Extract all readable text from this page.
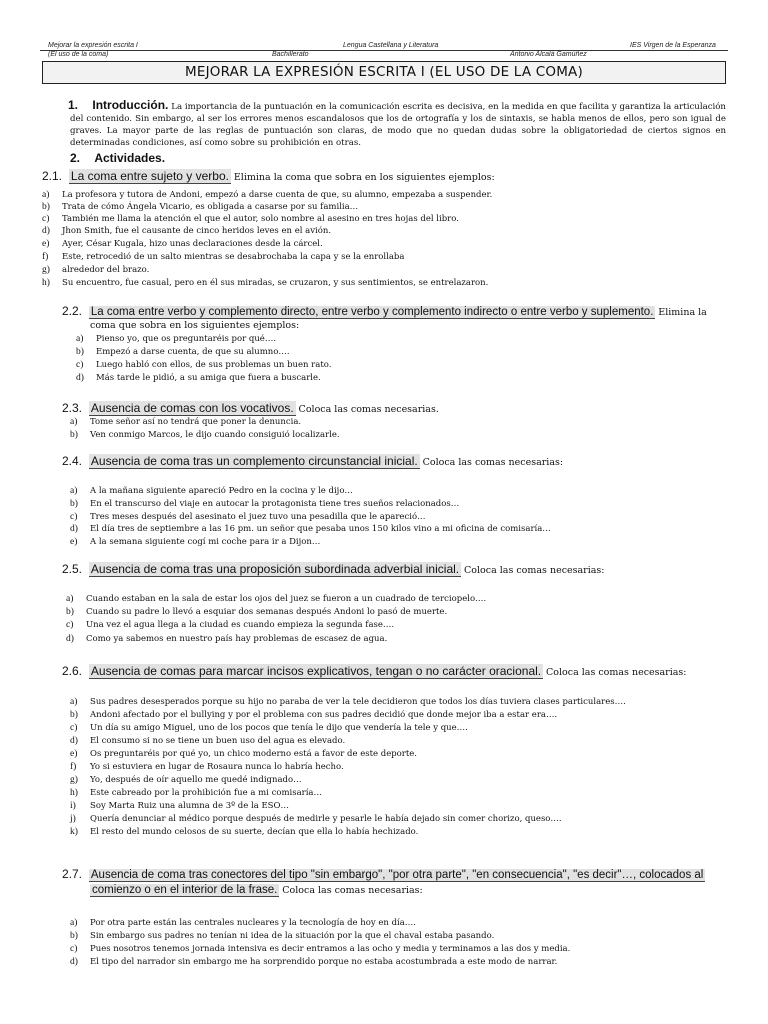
Mejorar la expresión escrita I
(El uso de la coma)
Lengua Castellana y Literatura
Bachillerato
IES Virgen de la Esperanza
Antonio Alcalá Gamúñez
MEJORAR LA EXPRESIÓN ESCRITA I (EL USO DE LA COMA)
1. Introducción. La importancia de la puntuación en la comunicación escrita es decisiva, en la medida en que facilita y garantiza la articulación del contenido. Sin embargo, al ser los errores menos escandalosos que los de ortografía y los de sintaxis, se habla menos de ellos, pero son igual de graves. La mayor parte de las reglas de puntuación son claras, de modo que no quedan dudas sobre la obligatoriedad de ciertos signos en determinadas condiciones, así como sobre su prohibición en otras.
2. Actividades.
2.1. La coma entre sujeto y verbo. Elimina la coma que sobra en los siguientes ejemplos:
a) La profesora y tutora de Andoni, empezó a darse cuenta de que, su alumno, empezaba a suspender.
b) Trata de cómo Ángela Vicario, es obligada a casarse por su familia…
c) También me llama la atención el que el autor, solo nombre al asesino en tres hojas del libro.
d) Jhon Smith, fue el causante de cinco heridos leves en el avión.
e) Ayer, César Kugala, hizo unas declaraciones desde la cárcel.
f) Este, retrocedió de un salto mientras se desabrochaba la capa y se la enrollaba
g) alrededor del brazo.
h) Su encuentro, fue casual, pero en él sus miradas, se cruzaron, y sus sentimientos, se entrelazaron.
2.2. La coma entre verbo y complemento directo, entre verbo y complemento indirecto o entre verbo y suplemento. Elimina la
coma que sobra en los siguientes ejemplos:
a) Pienso yo, que os preguntaréis por qué….
b) Empezó a darse cuenta, de que su alumno….
c) Luego habló con ellos, de sus problemas un buen rato.
d) Más tarde le pidió, a su amiga que fuera a buscarle.
2.3. Ausencia de comas con los vocativos. Coloca las comas necesarias.
a) Tome señor así no tendrá que poner la denuncia.
b) Ven conmigo Marcos, le dijo cuando consiguió localizarle.
2.4. Ausencia de coma tras un complemento circunstancial inicial. Coloca las comas necesarias:
a) A la mañana siguiente apareció Pedro en la cocina y le dijo…
b) En el transcurso del viaje en autocar la protagonista tiene tres sueños relacionados…
c) Tres meses después del asesinato el juez tuvo una pesadilla que le apareció…
d) El día tres de septiembre a las 16 pm. un señor que pesaba unos 150 kilos vino a mi oficina de comisaría…
e) A la semana siguiente cogí mi coche para ir a Dijon…
2.5. Ausencia de coma tras una proposición subordinada adverbial inicial. Coloca las comas necesarias:
a) Cuando estaban en la sala de estar los ojos del juez se fueron a un cuadrado de terciopelo….
b) Cuando su padre lo llevó a esquiar dos semanas después Andoni lo pasó de muerte.
c) Una vez el agua llega a la ciudad es cuando empieza la segunda fase….
d) Como ya sabemos en nuestro país hay problemas de escasez de agua.
2.6. Ausencia de comas para marcar incisos explicativos, tengan o no carácter oracional. Coloca las comas necesarias:
a) Sus padres desesperados porque su hijo no paraba de ver la tele decidieron que todos los días tuviera clases particulares….
b) Andoni afectado por el bullying y por el problema con sus padres decidió que donde mejor iba a estar era….
c) Un día su amigo Miguel, uno de los pocos que tenía le dijo que vendería la tele y que….
d) El consumo si no se tiene un buen uso del agua es elevado.
e) Os preguntaréis por qué yo, un chico moderno está a favor de este deporte.
f) Yo si estuviera en lugar de Rosaura nunca lo habría hecho.
g) Yo, después de oír aquello me quedé indignado…
h) Este cabreado por la prohibición fue a mi comisaría…
i) Soy Marta Ruiz una alumna de 3º de la ESO…
j) Quería denunciar al médico porque después de medirle y pesarle le había dejado sin comer chorizo, queso….
k) El resto del mundo celosos de su suerte, decían que ella lo había hechizado.
2.7. Ausencia de coma tras conectores del tipo "sin embargo", "por otra parte", "en consecuencia", "es decir"…, colocados al
comienzo o en el interior de la frase. Coloca las comas necesarias:
a) Por otra parte están las centrales nucleares y la tecnología de hoy en día….
b) Sin embargo sus padres no tenían ni idea de la situación por la que el chaval estaba pasando.
c) Pues nosotros tenemos jornada intensiva es decir entramos a las ocho y media y terminamos a las dos y media.
d) El tipo del narrador sin embargo me ha sorprendido porque no estaba acostumbrada a este modo de narrar.
